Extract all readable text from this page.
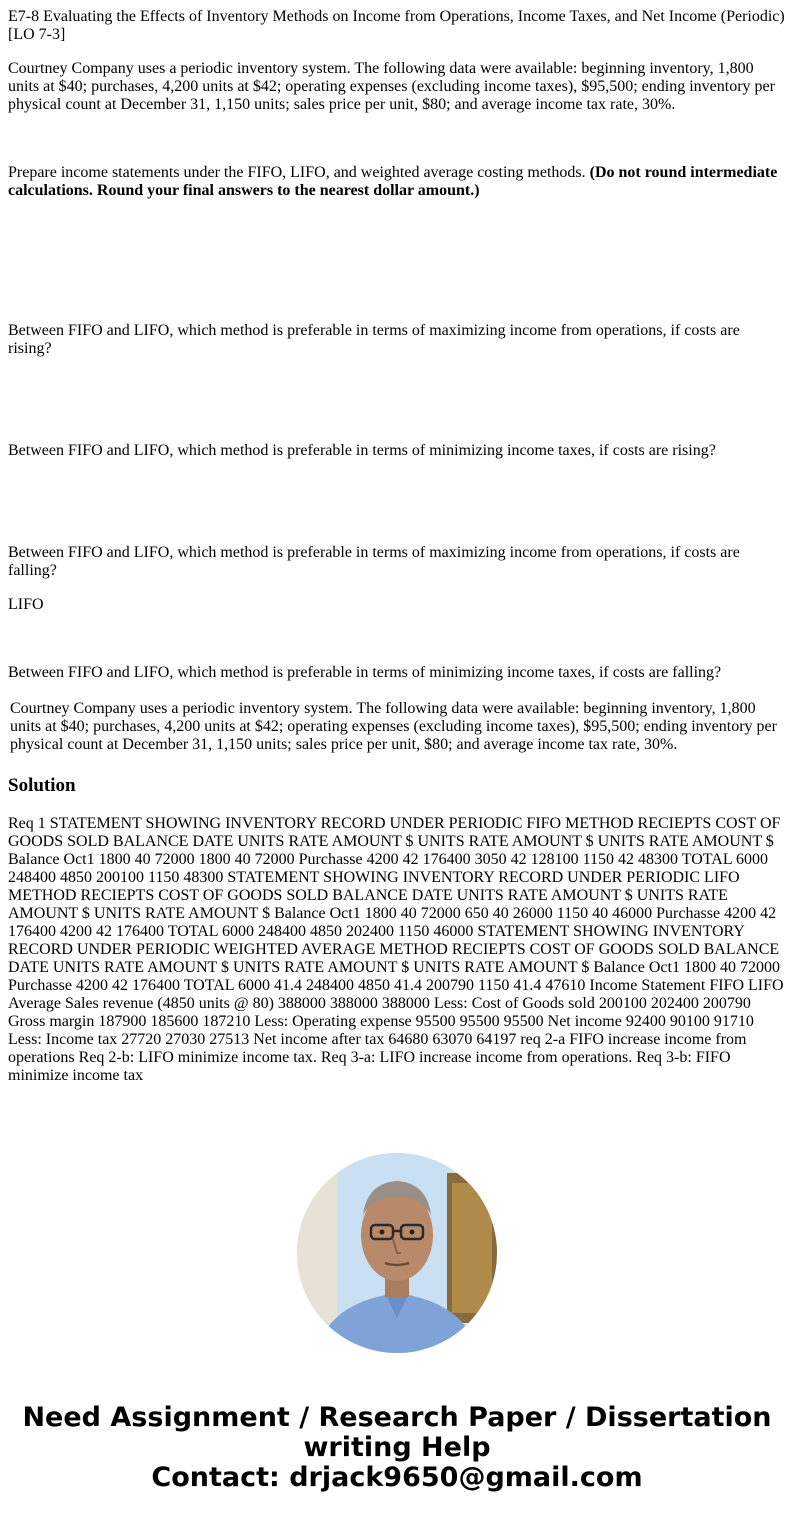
E7-8 Evaluating the Effects of Inventory Methods on Income from Operations, Income Taxes, and Net Income (Periodic) [LO 7-3]

Courtney Company uses a periodic inventory system. The following data were available: beginning inventory, 1,800 units at $40; purchases, 4,200 units at $42; operating expenses (excluding income taxes), $95,500; ending inventory per physical count at December 31, 1,150 units; sales price per unit, $80; and average income tax rate, 30%.

Prepare income statements under the FIFO, LIFO, and weighted average costing methods. (Do not round intermediate calculations. Round your final answers to the nearest dollar amount.)

Between FIFO and LIFO, which method is preferable in terms of maximizing income from operations, if costs are rising?

Between FIFO and LIFO, which method is preferable in terms of minimizing income taxes, if costs are rising?

Between FIFO and LIFO, which method is preferable in terms of maximizing income from operations, if costs are falling?

LIFO

Between FIFO and LIFO, which method is preferable in terms of minimizing income taxes, if costs are falling?

Courtney Company uses a periodic inventory system. The following data were available: beginning inventory, 1,800 units at $40; purchases, 4,200 units at $42; operating expenses (excluding income taxes), $95,500; ending inventory per physical count at December 31, 1,150 units; sales price per unit, $80; and average income tax rate, 30%.

Solution

Req 1 STATEMENT SHOWING INVENTORY RECORD UNDER PERIODIC FIFO METHOD RECIEPTS COST OF GOODS SOLD BALANCE DATE UNITS RATE AMOUNT $ UNITS RATE AMOUNT $ UNITS RATE AMOUNT $ Balance Oct1 1800 40 72000 1800 40 72000 Purchasse 4200 42 176400 3050 42 128100 1150 42 48300 TOTAL 6000 248400 4850 200100 1150 48300 STATEMENT SHOWING INVENTORY RECORD UNDER PERIODIC LIFO METHOD RECIEPTS COST OF GOODS SOLD BALANCE DATE UNITS RATE AMOUNT $ UNITS RATE AMOUNT $ UNITS RATE AMOUNT $ Balance Oct1 1800 40 72000 650 40 26000 1150 40 46000 Purchasse 4200 42 176400 4200 42 176400 TOTAL 6000 248400 4850 202400 1150 46000 STATEMENT SHOWING INVENTORY RECORD UNDER PERIODIC WEIGHTED AVERAGE METHOD RECIEPTS COST OF GOODS SOLD BALANCE DATE UNITS RATE AMOUNT $ UNITS RATE AMOUNT $ UNITS RATE AMOUNT $ Balance Oct1 1800 40 72000 Purchasse 4200 42 176400 TOTAL 6000 41.4 248400 4850 41.4 200790 1150 41.4 47610 Income Statement FIFO LIFO Average Sales revenue (4850 units @ 80) 388000 388000 388000 Less: Cost of Goods sold 200100 202400 200790 Gross margin 187900 185600 187210 Less: Operating expense 95500 95500 95500 Net income 92400 90100 91710 Less: Income tax 27720 27030 27513 Net income after tax 64680 63070 64197 req 2-a FIFO increase income from operations Req 2-b: LIFO minimize income tax. Req 3-a: LIFO increase income from operations. Req 3-b: FIFO minimize income tax

Need Assignment / Research Paper / Dissertation
writing Help
Contact: drjack9650@gmail.com
